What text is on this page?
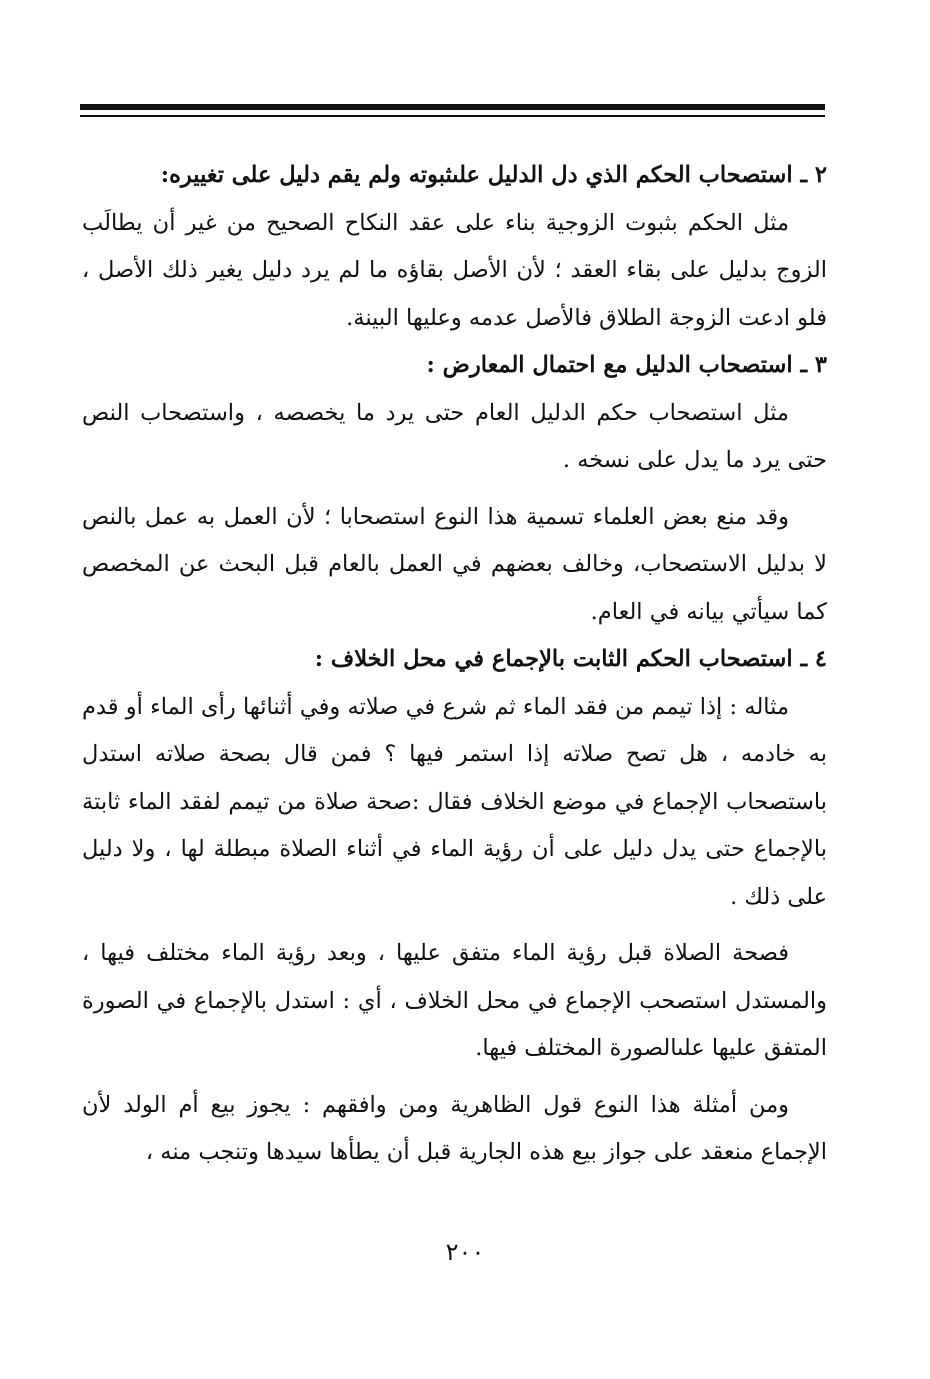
٢ ـ استصحاب الحكم الذي دل الدليل علىثبوته ولم يقم دليل على تغييره:

مثل الحكم بثبوت الزوجية بناء على عقد النكاح الصحيح من غير أن يطالَب الزوج بدليل على بقاء العقد ؛ لأن الأصل بقاؤه ما لم يرد دليل يغير ذلك الأصل ، فلو ادعت الزوجة الطلاق فالأصل عدمه وعليها البينة.

٣ ـ استصحاب الدليل مع احتمال المعارض :

مثل استصحاب حكم الدليل العام حتى يرد ما يخصصه ، واستصحاب النص حتى يرد ما يدل على نسخه .

وقد منع بعض العلماء تسمية هذا النوع استصحابا ؛ لأن العمل به عمل بالنص لا بدليل الاستصحاب، وخالف بعضهم في العمل بالعام قبل البحث عن المخصص كما سيأتي بيانه في العام.

٤ ـ استصحاب الحكم الثابت بالإجماع في محل الخلاف :

مثاله : إذا تيمم من فقد الماء ثم شرع في صلاته وفي أثنائها رأى الماء أو قدم به خادمه ، هل تصح صلاته إذا استمر فيها ؟ فمن قال بصحة صلاته استدل باستصحاب الإجماع في موضع الخلاف فقال :صحة صلاة من تيمم لفقد الماء ثابتة بالإجماع حتى يدل دليل على أن رؤية الماء في أثناء الصلاة مبطلة لها ، ولا دليل على ذلك .

فصحة الصلاة قبل رؤية الماء متفق عليها ، وبعد رؤية الماء مختلف فيها ، والمستدل استصحب الإجماع في محل الخلاف ، أي : استدل بالإجماع في الصورة المتفق عليها علىالصورة المختلف فيها.

ومن أمثلة هذا النوع قول الظاهرية ومن وافقهم : يجوز بيع أم الولد لأن الإجماع منعقد على جواز بيع هذه الجارية قبل أن يطأها سيدها وتنجب منه ،

٢٠٠
